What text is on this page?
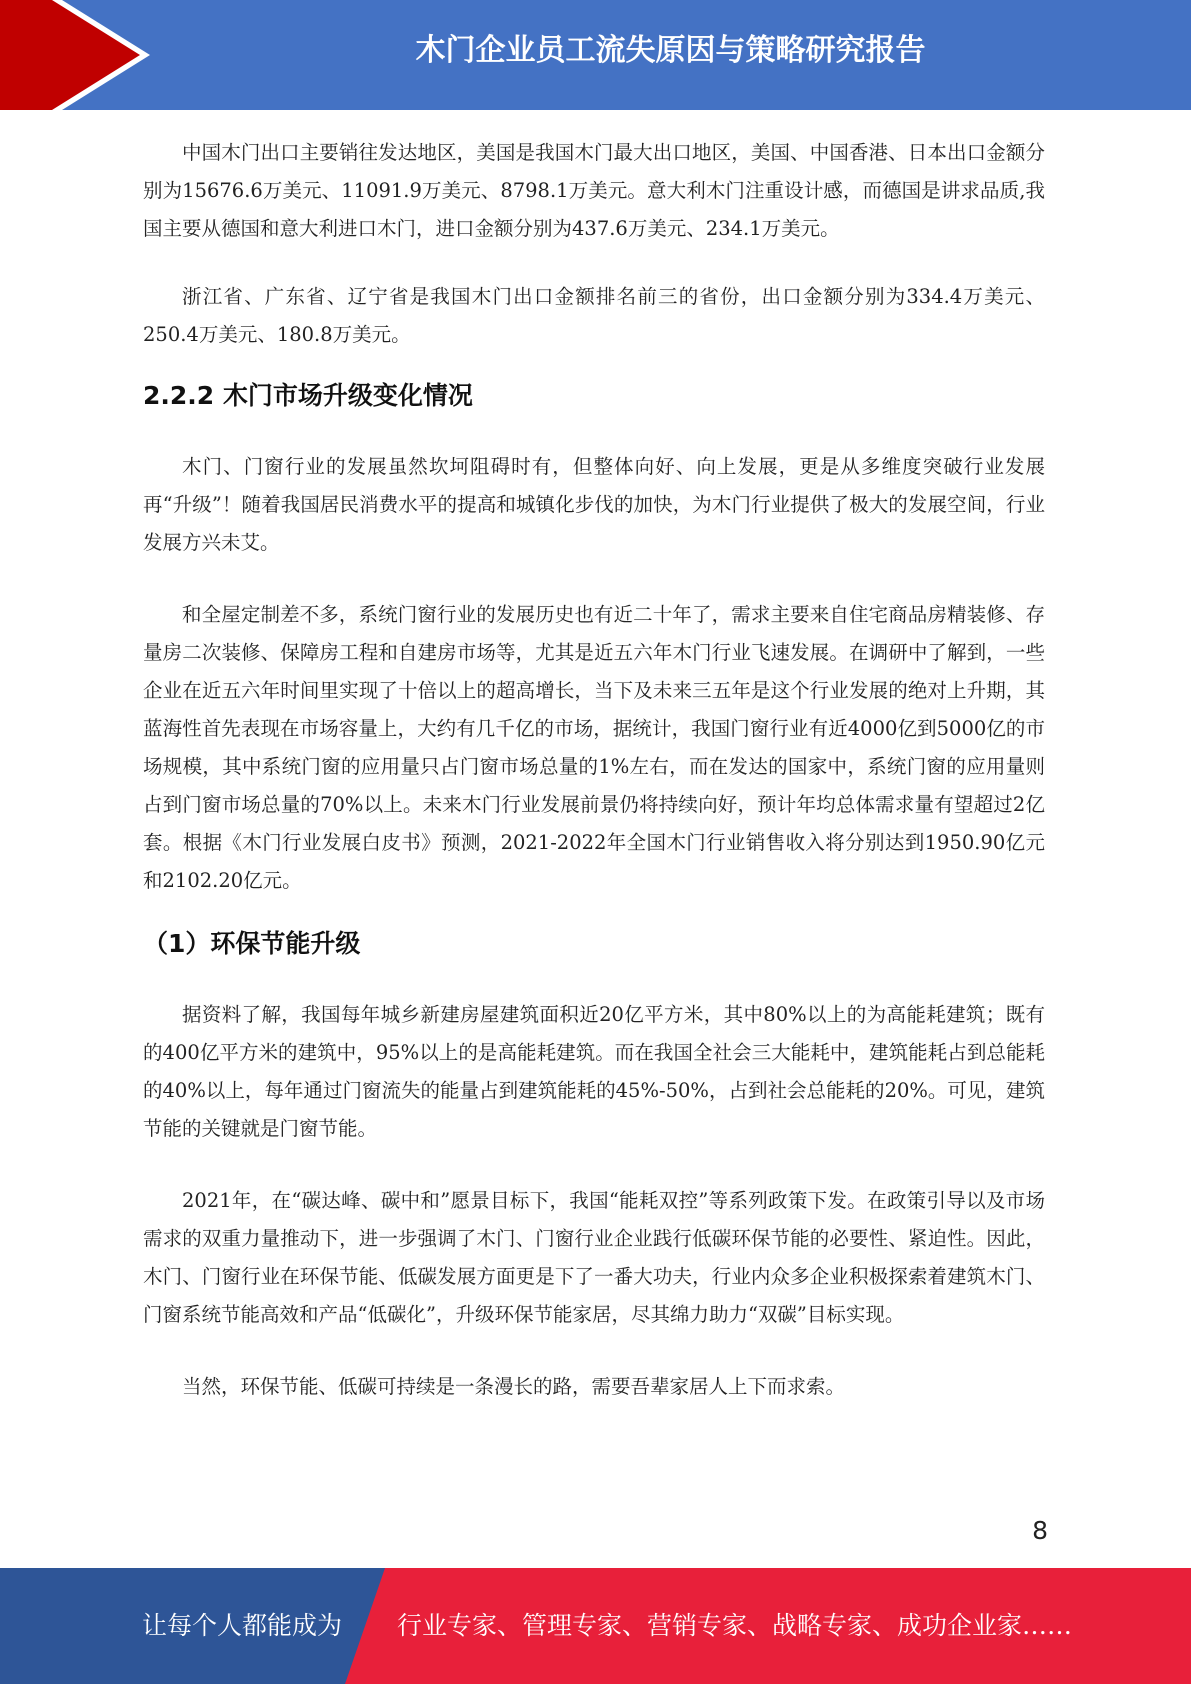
木门企业员工流失原因与策略研究报告

中国木门出口主要销往发达地区，美国是我国木门最大出口地区，美国、中国香港、日本出口金额分别为15676.6万美元、11091.9万美元、8798.1万美元。意大利木门注重设计感，而德国是讲求品质,我国主要从德国和意大利进口木门，进口金额分别为437.6万美元、234.1万美元。

浙江省、广东省、辽宁省是我国木门出口金额排名前三的省份，出口金额分别为334.4万美元、250.4万美元、180.8万美元。

2.2.2 木门市场升级变化情况

木门、门窗行业的发展虽然坎坷阻碍时有，但整体向好、向上发展，更是从多维度突破行业发展再“升级”！随着我国居民消费水平的提高和城镇化步伐的加快，为木门行业提供了极大的发展空间，行业发展方兴未艾。

和全屋定制差不多，系统门窗行业的发展历史也有近二十年了，需求主要来自住宅商品房精装修、存量房二次装修、保障房工程和自建房市场等，尤其是近五六年木门行业飞速发展。在调研中了解到，一些企业在近五六年时间里实现了十倍以上的超高增长，当下及未来三五年是这个行业发展的绝对上升期，其蓝海性首先表现在市场容量上，大约有几千亿的市场，据统计，我国门窗行业有近4000亿到5000亿的市场规模，其中系统门窗的应用量只占门窗市场总量的1%左右，而在发达的国家中，系统门窗的应用量则占到门窗市场总量的70%以上。未来木门行业发展前景仍将持续向好，预计年均总体需求量有望超过2亿套。根据《木门行业发展白皮书》预测，2021-2022年全国木门行业销售收入将分别达到1950.90亿元和2102.20亿元。

（1）环保节能升级

据资料了解，我国每年城乡新建房屋建筑面积近20亿平方米，其中80%以上的为高能耗建筑；既有的400亿平方米的建筑中，95%以上的是高能耗建筑。而在我国全社会三大能耗中，建筑能耗占到总能耗的40%以上，每年通过门窗流失的能量占到建筑能耗的45%-50%，占到社会总能耗的20%。可见，建筑节能的关键就是门窗节能。

2021年，在“碳达峰、碳中和”愿景目标下，我国“能耗双控”等系列政策下发。在政策引导以及市场需求的双重力量推动下，进一步强调了木门、门窗行业企业践行低碳环保节能的必要性、紧迫性。因此，木门、门窗行业在环保节能、低碳发展方面更是下了一番大功夫，行业内众多企业积极探索着建筑木门、门窗系统节能高效和产品“低碳化”，升级环保节能家居，尽其绵力助力“双碳”目标实现。

当然，环保节能、低碳可持续是一条漫长的路，需要吾辈家居人上下而求索。

8
让每个人都能成为 行业专家、管理专家、营销专家、战略专家、成功企业家……
